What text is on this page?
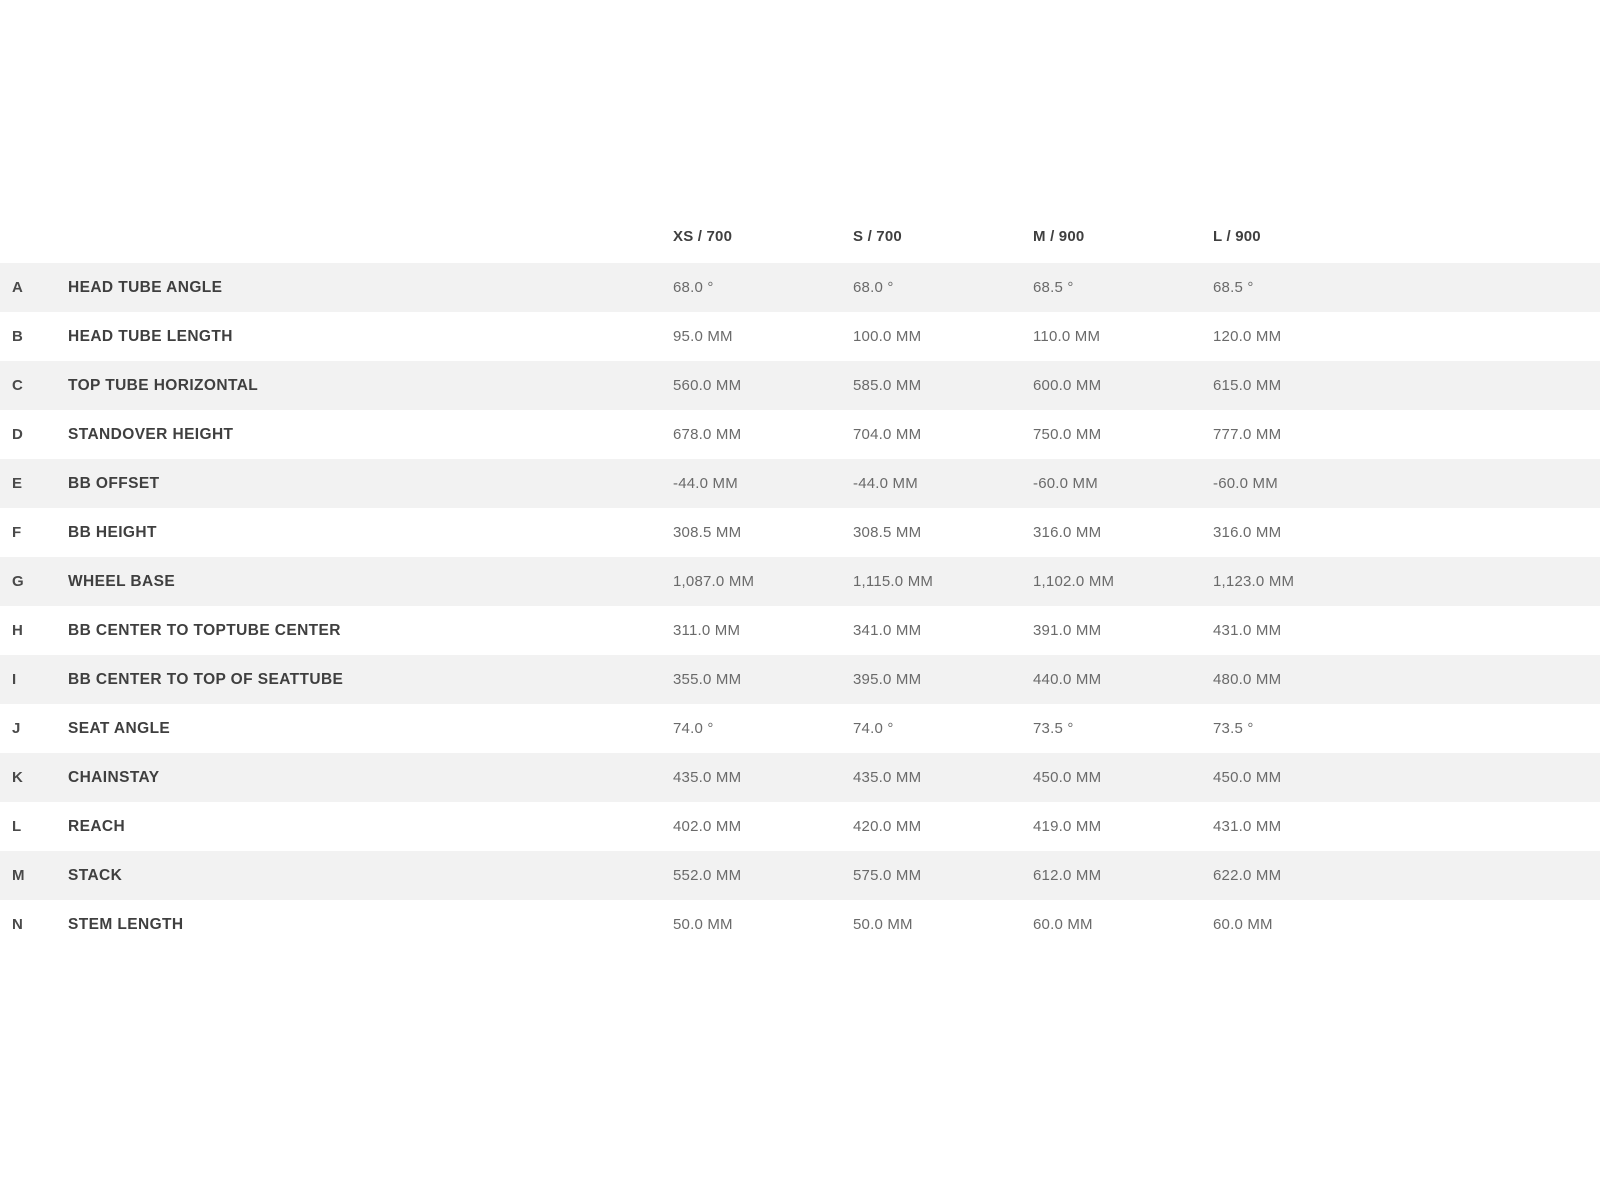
		XS / 700	S / 700	M / 900	L / 900	
A	HEAD TUBE ANGLE	68.0 °	68.0 °	68.5 °	68.5 °	
B	HEAD TUBE LENGTH	95.0 MM	100.0 MM	110.0 MM	120.0 MM	
C	TOP TUBE HORIZONTAL	560.0 MM	585.0 MM	600.0 MM	615.0 MM	
D	STANDOVER HEIGHT	678.0 MM	704.0 MM	750.0 MM	777.0 MM	
E	BB OFFSET	-44.0 MM	-44.0 MM	-60.0 MM	-60.0 MM	
F	BB HEIGHT	308.5 MM	308.5 MM	316.0 MM	316.0 MM	
G	WHEEL BASE	1,087.0 MM	1,115.0 MM	1,102.0 MM	1,123.0 MM	
H	BB CENTER TO TOPTUBE CENTER	311.0 MM	341.0 MM	391.0 MM	431.0 MM	
I	BB CENTER TO TOP OF SEATTUBE	355.0 MM	395.0 MM	440.0 MM	480.0 MM	
J	SEAT ANGLE	74.0 °	74.0 °	73.5 °	73.5 °	
K	CHAINSTAY	435.0 MM	435.0 MM	450.0 MM	450.0 MM	
L	REACH	402.0 MM	420.0 MM	419.0 MM	431.0 MM	
M	STACK	552.0 MM	575.0 MM	612.0 MM	622.0 MM	
N	STEM LENGTH	50.0 MM	50.0 MM	60.0 MM	60.0 MM	
